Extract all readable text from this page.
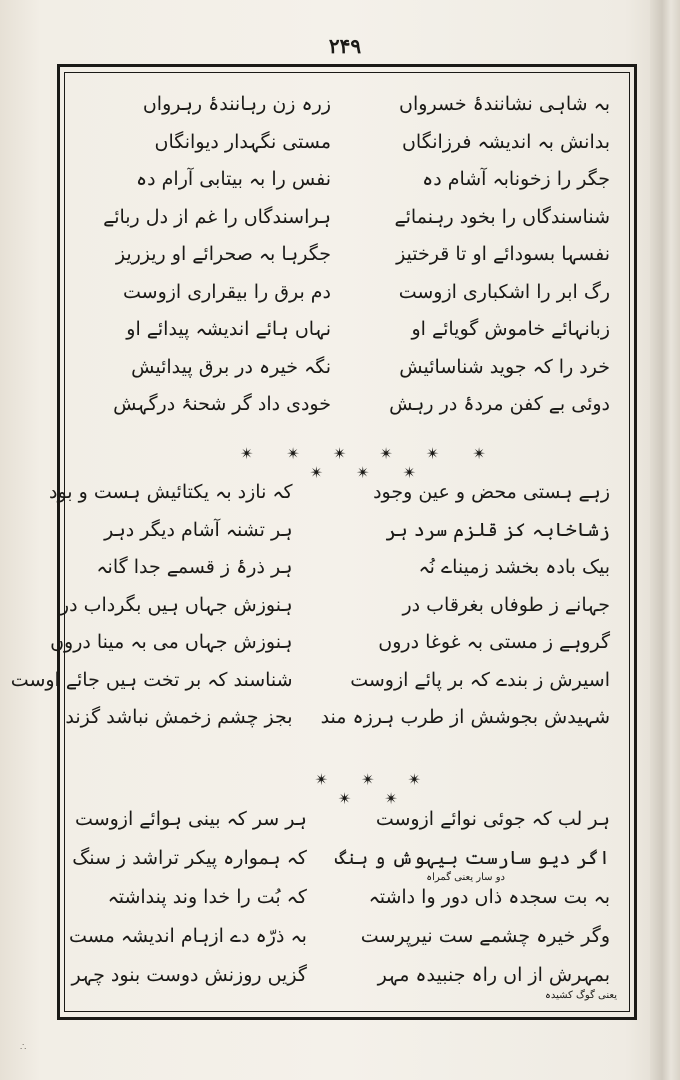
۲۴۹
بہ شاہی نشانندۂ خسرواں
زرہ زن رہانندۂ رہرواں
بدانش بہ اندیشہ فرزانگاں
مستی نگہدار دیوانگاں
جگر را زخونابہ آشام دہ
نفس را بہ بیتابی آرام دہ
شناسندگاں را بخود رہنمائے
ہراسندگاں را غم از دل ربائے
نفسہا بسودائے او تا قرختیز
جگرہا بہ صحرائے او ریزریز
رگ ابر را اشکباری ازوست
دم برق را بیقراری ازوست
زبانہائے خاموش گویائے او
نہاں ہائے اندیشہ پیدائے او
خرد را کہ جوید شناسائیش
نگہ خیرہ در برق پیدائیش
دوئی بے کفن مردۂ در رہش
خودی داد گر شحنۂ درگہش
✴ ✴ ✴ ✴ ✴ ✴ ✴ ✴ ✴
زہے ہستی محض و عین وجود
کہ نازد بہ یکتائیش ہست و بود
زشاخابہ کز قلزم سرد ہر
ہر تشنہ آشام دیگر دہر
بیک بادہ بخشد زمیناے نُہ
ہر ذرۂ ز قسمے جدا گانہ
جہانے ز طوفاں بغرقاب در
ہنوزش جہاں ہیں بگرداب در
گروہے ز مستی بہ غوغا دروں
ہنوزش جہاں می بہ مینا دروں
اسیرش ز بندے کہ بر پائے ازوست
شناسند کہ بر تخت ہیں جائے اوست
شہیدش بجوشش از طرب ہرزہ مند
بجز چشم زخمش نباشد گزند
✴ ✴ ✴ ✴ ✴
ہر لب کہ جوئی نوائے ازوست
ہر سر کہ بینی ہوائے ازوست
اگر دیو سارست بیہوش و ہنگ
کہ ہموارہ پیکر تراشد ز سنگ
بہ بت سجدہ ذاں دور وا داشتہ
کہ بُت را خدا وند پنداشتہ
وگر خیرہ چشمے ست نیرپرست
بہ ذرّہ دے ازہام اندیشہ مست
بمہرش از اں راہ جنبیدہ مہر
گزیں روزنش دوست بنود چہر
دو سار یعنی گمراہ
یعنی گوگ کشیدہ
∴
